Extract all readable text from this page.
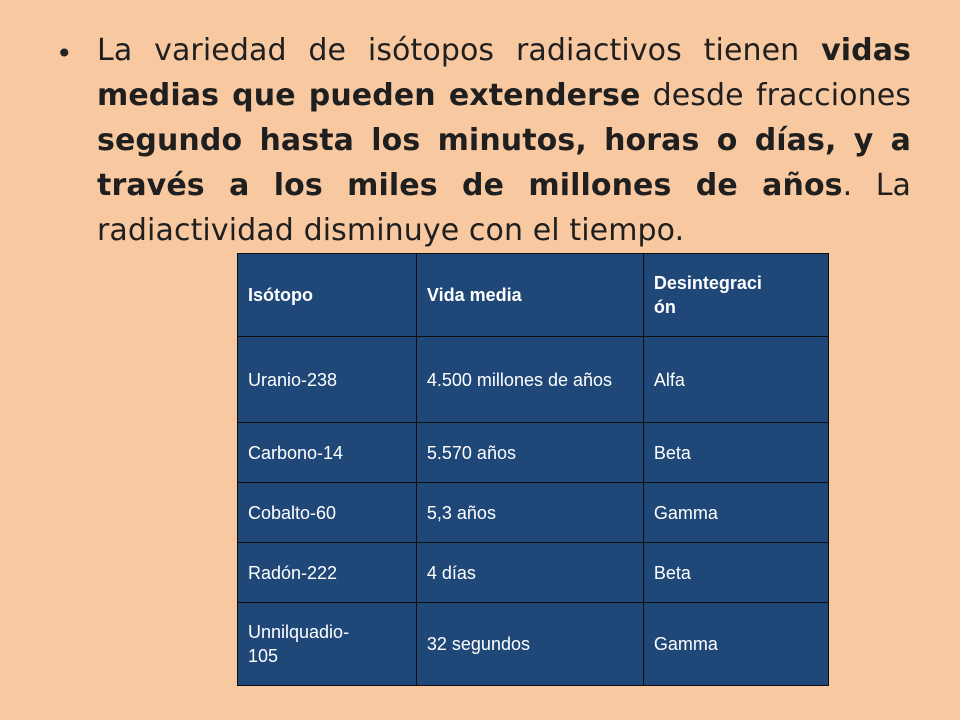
• La variedad de isótopos radiactivos tienen vidas medias que pueden extenderse desde fracciones segundo hasta los minutos, horas o días, y a través a los miles de millones de años. La radiactividad disminuye con el tiempo.

Isótopo	Vida media	Desintegraci
ón
Uranio-238	4.500 millones de años	Alfa
Carbono-14	5.570 años	Beta
Cobalto-60	5,3 años	Gamma
Radón-222	4 días	Beta
Unnilquadio-
105	32 segundos	Gamma
